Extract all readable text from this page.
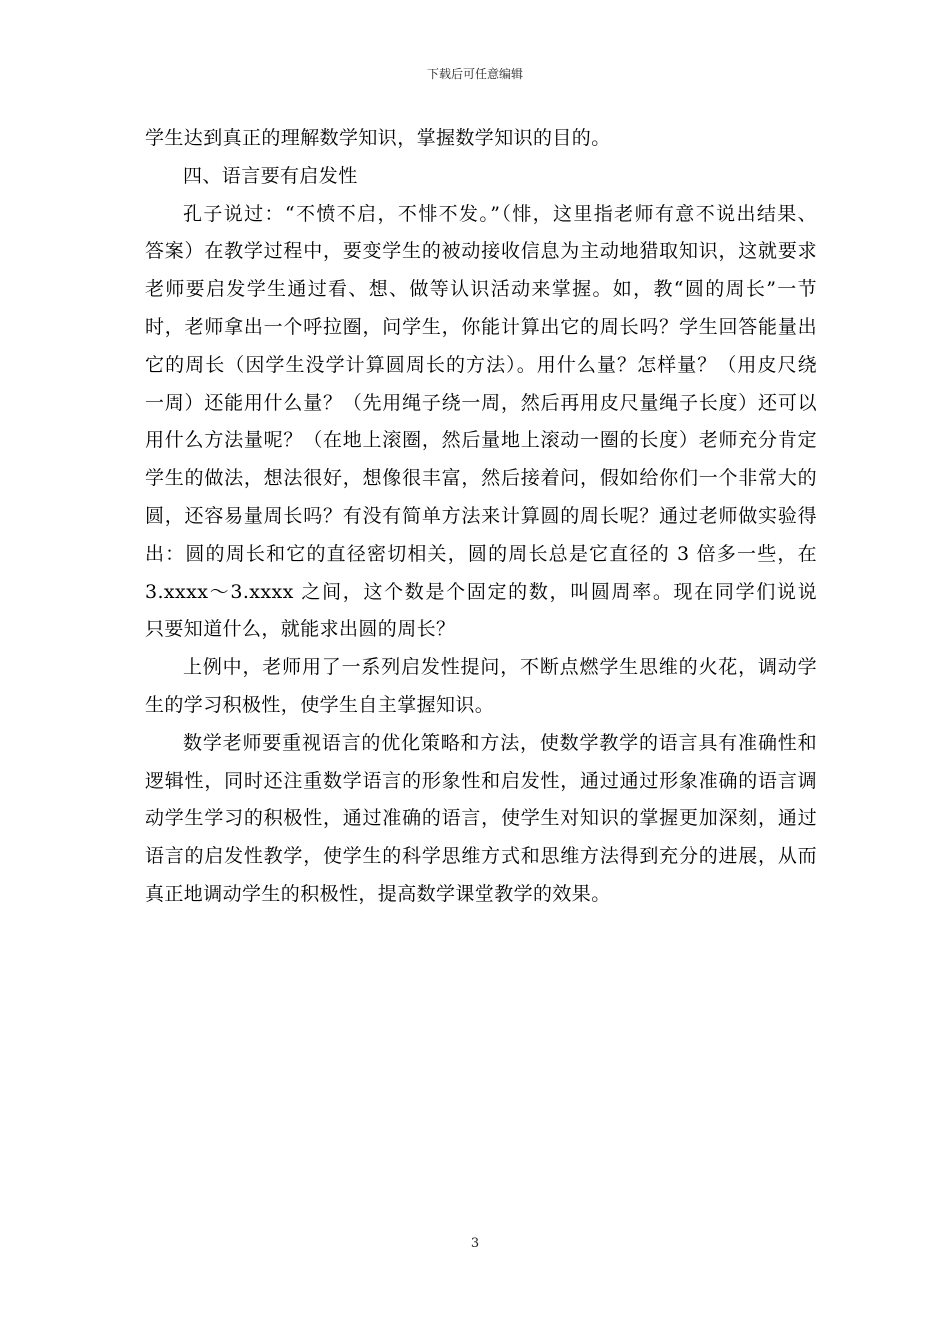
下载后可任意编辑
学生达到真正的理解数学知识，掌握数学知识的目的。
四、语言要有启发性
孔子说过：“不愤不启，不悱不发。”（悱，这里指老师有意不说出结果、
答案）在教学过程中，要变学生的被动接收信息为主动地猎取知识，这就要求
老师要启发学生通过看、想、做等认识活动来掌握。如，教“圆的周长”一节
时，老师拿出一个呼拉圈，问学生，你能计算出它的周长吗？学生回答能量出
它的周长（因学生没学计算圆周长的方法）。用什么量？怎样量？（用皮尺绕
一周）还能用什么量？（先用绳子绕一周，然后再用皮尺量绳子长度）还可以
用什么方法量呢？（在地上滚圈，然后量地上滚动一圈的长度）老师充分肯定
学生的做法，想法很好，想像很丰富，然后接着问，假如给你们一个非常大的
圆，还容易量周长吗？有没有简单方法来计算圆的周长呢？通过老师做实验得
出：圆的周长和它的直径密切相关，圆的周长总是它直径的 3 倍多一些，在
3.xxxx～3.xxxx 之间，这个数是个固定的数，叫圆周率。现在同学们说说
只要知道什么，就能求出圆的周长？
上例中，老师用了一系列启发性提问，不断点燃学生思维的火花，调动学
生的学习积极性，使学生自主掌握知识。
数学老师要重视语言的优化策略和方法，使数学教学的语言具有准确性和
逻辑性，同时还注重数学语言的形象性和启发性，通过通过形象准确的语言调
动学生学习的积极性，通过准确的语言，使学生对知识的掌握更加深刻，通过
语言的启发性教学，使学生的科学思维方式和思维方法得到充分的进展，从而
真正地调动学生的积极性，提高数学课堂教学的效果。
3
